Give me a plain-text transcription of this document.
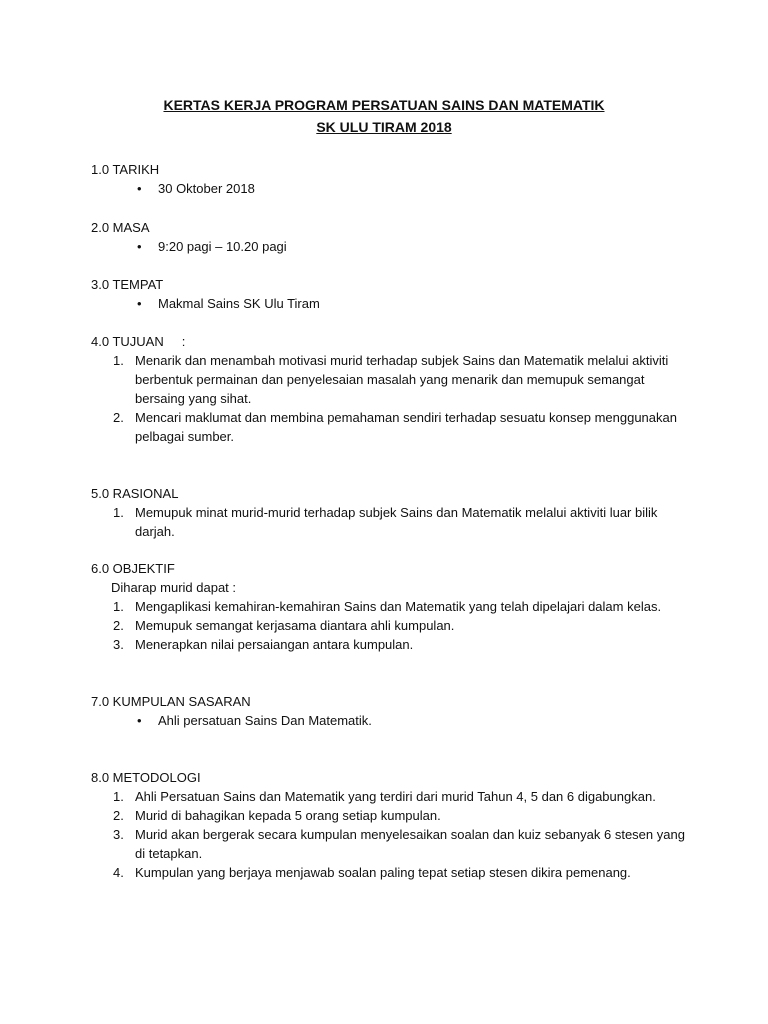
KERTAS KERJA PROGRAM PERSATUAN SAINS DAN MATEMATIK
SK ULU TIRAM 2018

1.0 TARIKH

• 30 Oktober 2018

2.0 MASA

• 9:20 pagi – 10.20 pagi

3.0 TEMPAT

• Makmal Sains SK Ulu Tiram

4.0 TUJUAN     :

1. Menarik dan menambah motivasi murid terhadap subjek Sains dan Matematik melalui aktiviti berbentuk permainan dan penyelesaian masalah yang menarik dan memupuk semangat bersaing yang sihat.
2. Mencari maklumat dan membina pemahaman sendiri terhadap sesuatu konsep menggunakan pelbagai sumber.

5.0 RASIONAL

1. Memupuk minat murid-murid terhadap subjek Sains dan Matematik melalui aktiviti luar bilik darjah.

6.0 OBJEKTIF

Diharap murid dapat :

1. Mengaplikasi kemahiran-kemahiran Sains dan Matematik yang telah dipelajari dalam kelas.
2. Memupuk semangat kerjasama diantara ahli kumpulan.
3. Menerapkan nilai persaiangan antara kumpulan.

7.0 KUMPULAN SASARAN

• Ahli persatuan Sains Dan Matematik.

8.0 METODOLOGI

1. Ahli Persatuan Sains dan Matematik yang terdiri dari murid Tahun 4, 5 dan 6 digabungkan.
2. Murid di bahagikan kepada 5 orang setiap kumpulan.
3. Murid akan bergerak secara kumpulan menyelesaikan soalan dan kuiz sebanyak 6 stesen yang di tetapkan.
4. Kumpulan yang berjaya menjawab soalan paling tepat setiap stesen dikira pemenang.
